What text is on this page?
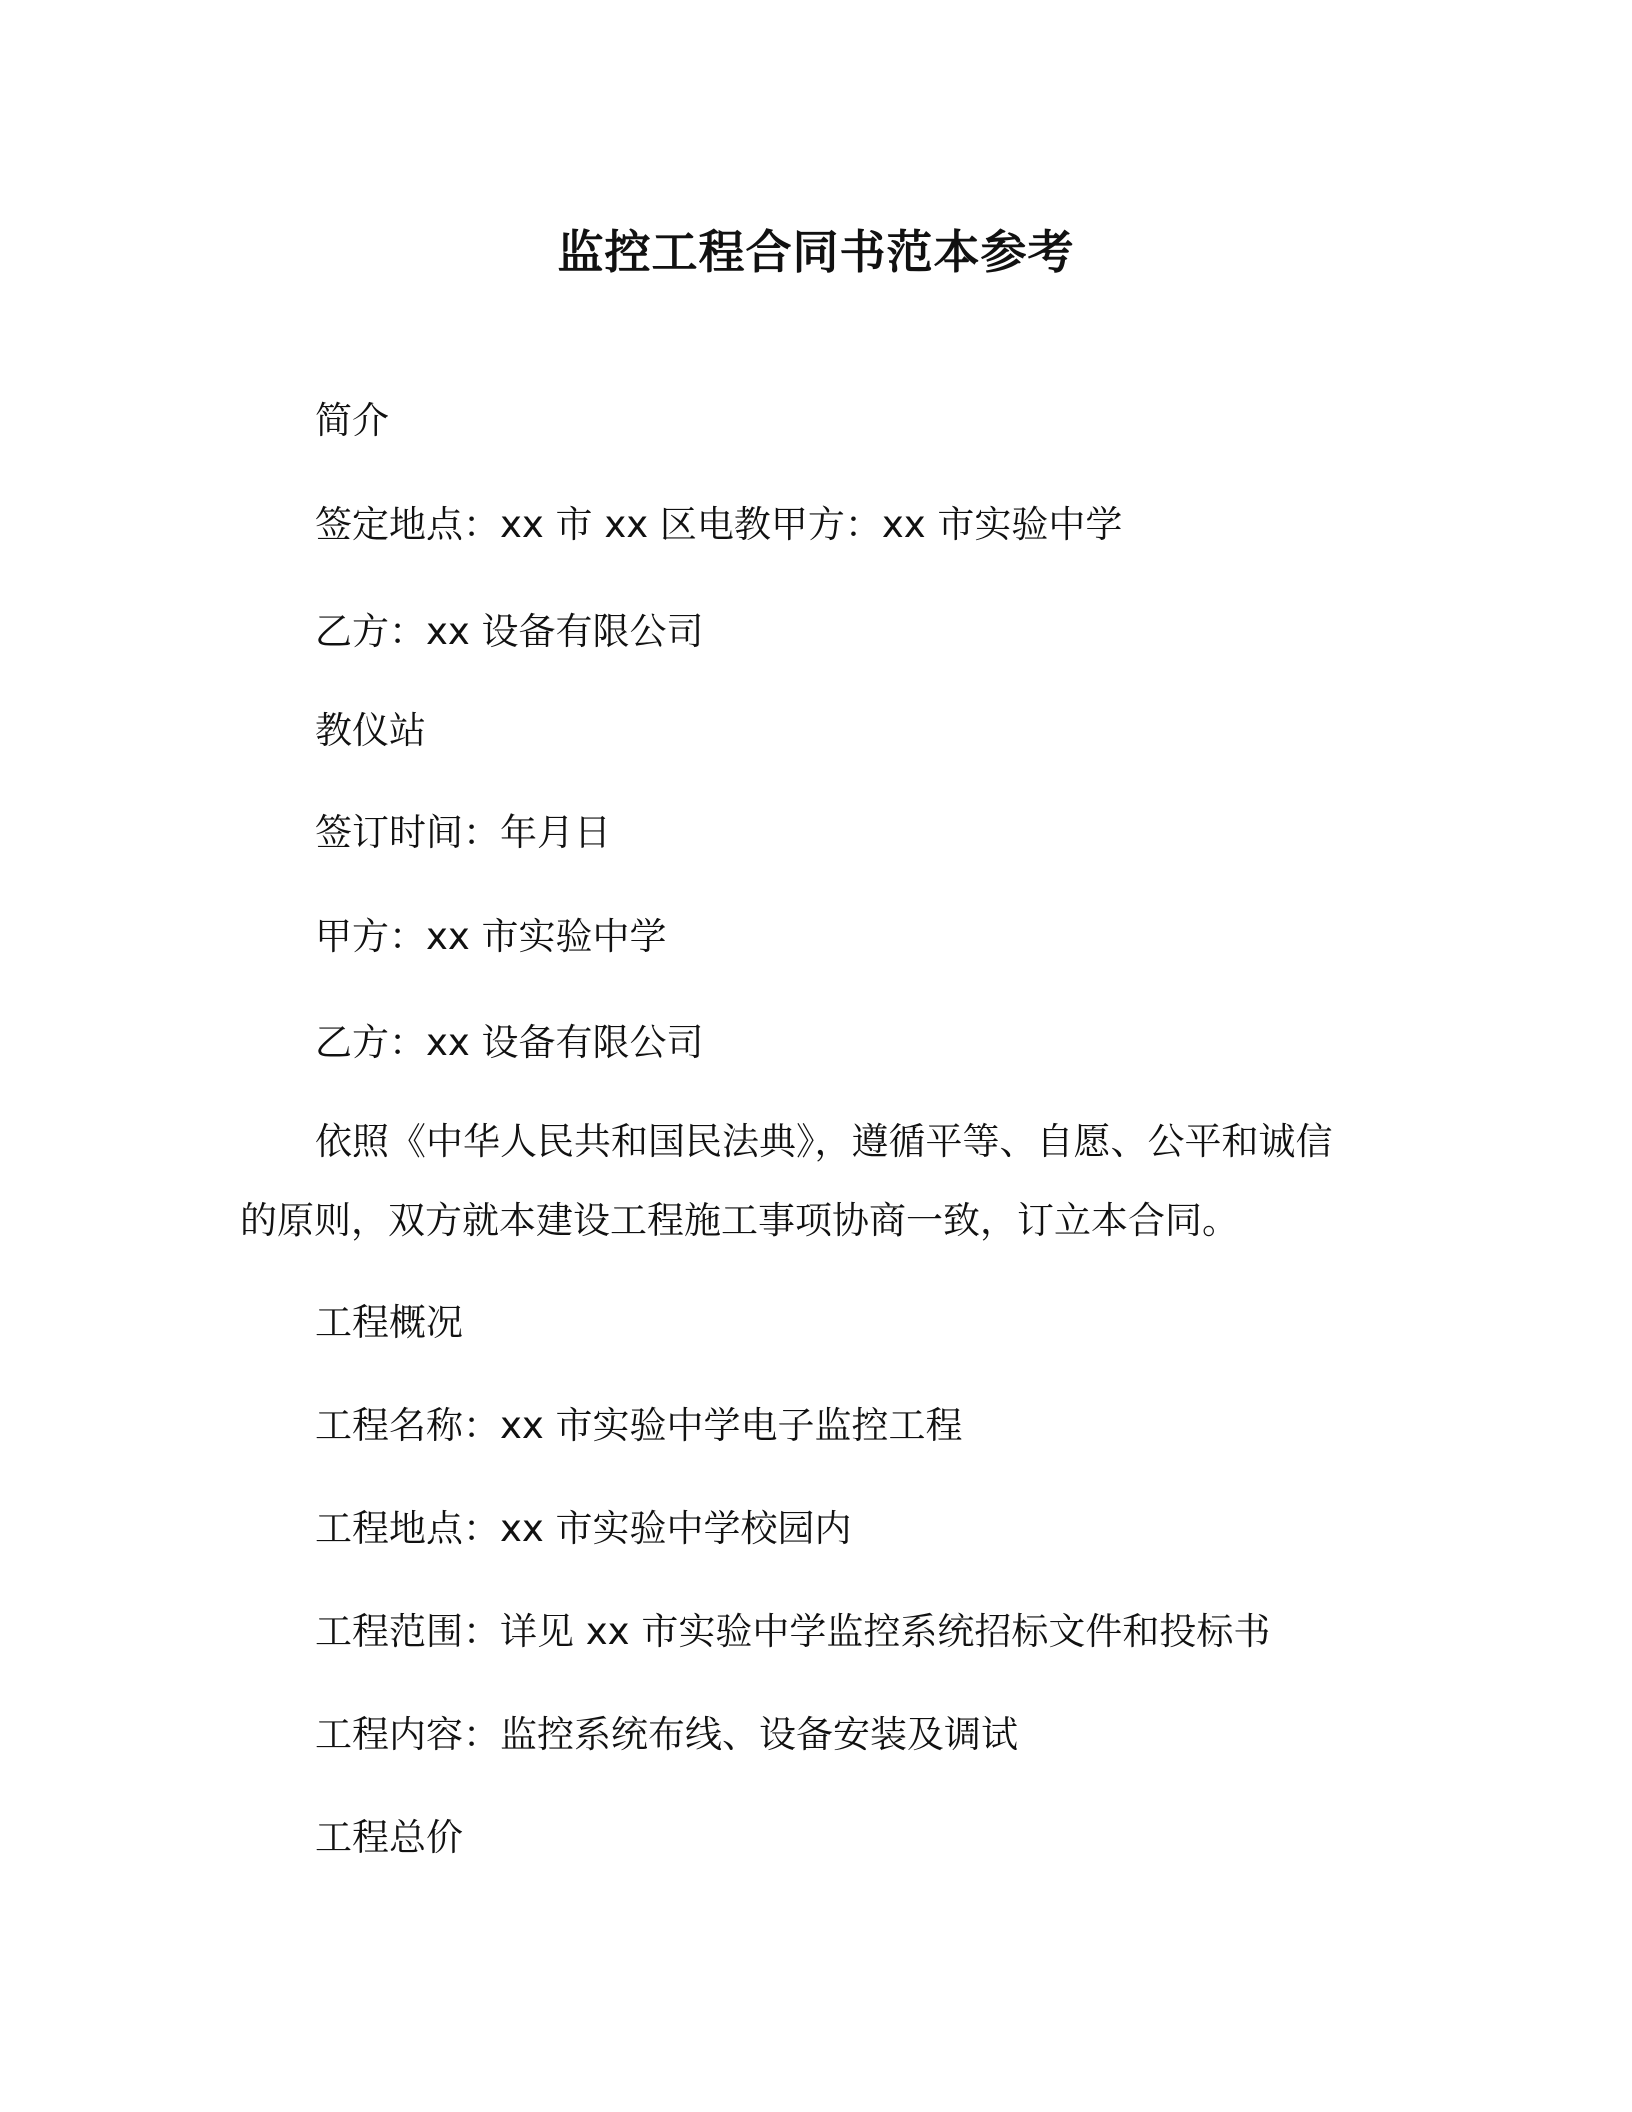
监控工程合同书范本参考
简介
签定地点：xx 市 xx 区电教甲方：xx 市实验中学
乙方：xx 设备有限公司
教仪站
签订时间：年月日
甲方：xx 市实验中学
乙方：xx 设备有限公司
依照《中华人民共和国民法典》，遵循平等、自愿、公平和诚信
的原则，双方就本建设工程施工事项协商一致，订立本合同。
工程概况
工程名称：xx 市实验中学电子监控工程
工程地点：xx 市实验中学校园内
工程范围：详见 xx 市实验中学监控系统招标文件和投标书
工程内容：监控系统布线、设备安装及调试
工程总价
